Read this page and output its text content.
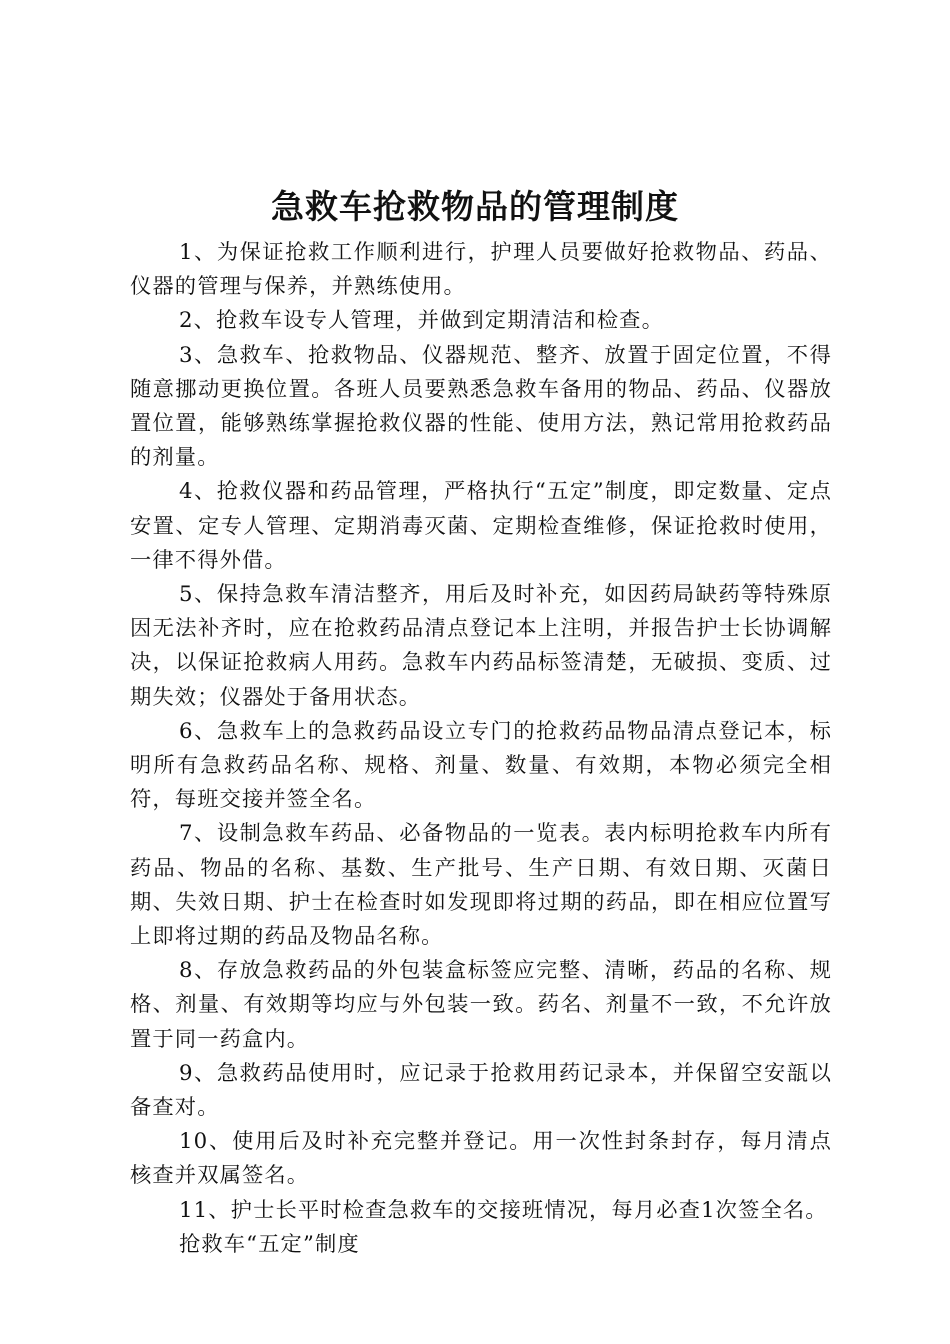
急救车抢救物品的管理制度

1、为保证抢救工作顺利进行，护理人员要做好抢救物品、药品、仪器的管理与保养，并熟练使用。

2、抢救车设专人管理，并做到定期清洁和检查。

3、急救车、抢救物品、仪器规范、整齐、放置于固定位置，不得随意挪动更换位置。各班人员要熟悉急救车备用的物品、药品、仪器放置位置，能够熟练掌握抢救仪器的性能、使用方法，熟记常用抢救药品的剂量。

4、抢救仪器和药品管理，严格执行“五定”制度，即定数量、定点安置、定专人管理、定期消毒灭菌、定期检查维修，保证抢救时使用，一律不得外借。

5、保持急救车清洁整齐，用后及时补充，如因药局缺药等特殊原因无法补齐时，应在抢救药品清点登记本上注明，并报告护士长协调解决，以保证抢救病人用药。急救车内药品标签清楚，无破损、变质、过期失效；仪器处于备用状态。

6、急救车上的急救药品设立专门的抢救药品物品清点登记本，标明所有急救药品名称、规格、剂量、数量、有效期，本物必须完全相符，每班交接并签全名。

7、设制急救车药品、必备物品的一览表。表内标明抢救车内所有药品、物品的名称、基数、生产批号、生产日期、有效日期、灭菌日期、失效日期、护士在检查时如发现即将过期的药品，即在相应位置写上即将过期的药品及物品名称。

8、存放急救药品的外包装盒标签应完整、清晰，药品的名称、规格、剂量、有效期等均应与外包装一致。药名、剂量不一致，不允许放置于同一药盒内。

9、急救药品使用时，应记录于抢救用药记录本，并保留空安瓿以备查对。

10、使用后及时补充完整并登记。用一次性封条封存，每月清点核查并双属签名。

11、护士长平时检查急救车的交接班情况，每月必查1次签全名。

抢救车“五定”制度
